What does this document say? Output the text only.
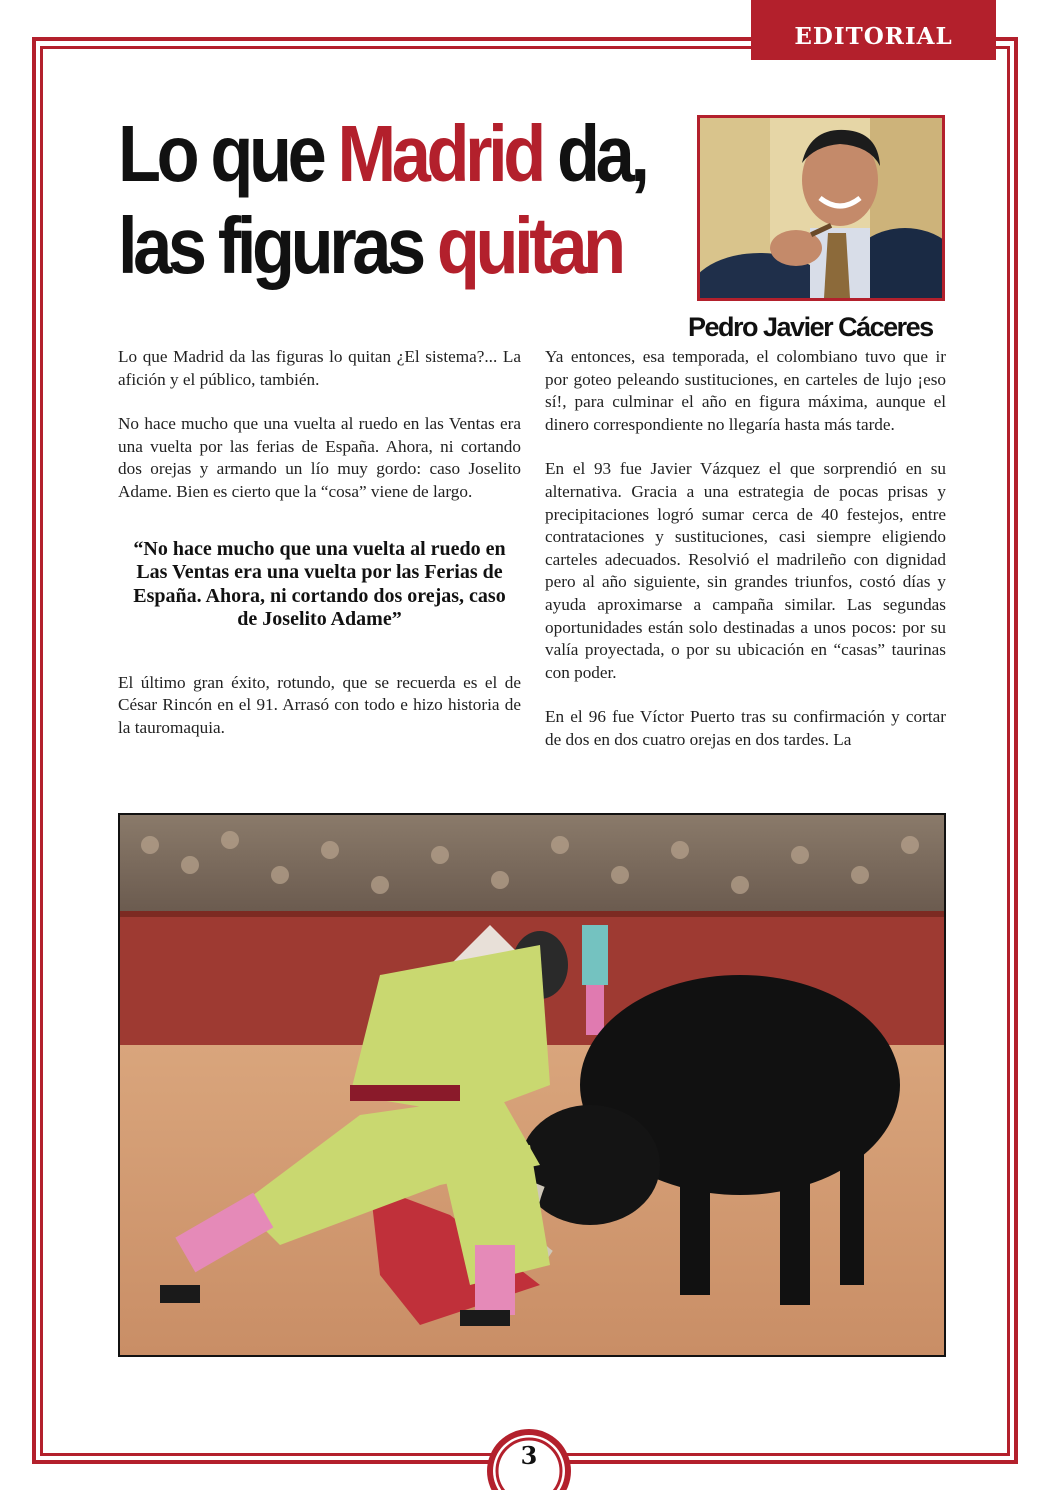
EDITORIAL
Lo que Madrid da,
las figuras quitan
Pedro Javier Cáceres

Lo que Madrid da las figuras lo quitan ¿El sistema?... La afición y el público, también.

No hace mucho que una vuelta al ruedo en las Ventas era una vuelta por las ferias de España. Ahora, ni cortando dos orejas y armando un lío muy gordo: caso Joselito Adame. Bien es cierto que la “cosa” viene de largo.

“No hace mucho que una vuelta al ruedo en Las Ventas era una vuelta por las Ferias de España. Ahora, ni cortando dos orejas, caso de Joselito Adame”

El último gran éxito, rotundo, que se recuerda es el de César Rincón en el 91. Arrasó con todo e hizo historia de la tauromaquia.

Ya entonces, esa temporada, el colombiano tuvo que ir por goteo peleando sustituciones, en carteles de lujo ¡eso sí!, para culminar el año en figura máxima, aunque el dinero correspondiente no llegaría hasta más tarde.

En el 93 fue Javier Vázquez el que sorprendió en su alternativa. Gracia a una estrategia de pocas prisas y precipitaciones logró sumar cerca de 40 festejos, entre contrataciones y sustituciones, casi siempre eligiendo carteles adecuados. Resolvió el madrileño con dignidad pero al año siguiente, sin grandes triunfos, costó días y ayuda aproximarse a campaña similar. Las segundas oportunidades están solo destinadas a unos pocos: por su valía proyectada, o por su ubicación en “casas” taurinas con poder.

En el 96 fue Víctor Puerto tras su confirmación y cortar de dos en dos cuatro orejas en dos tardes. La

3
